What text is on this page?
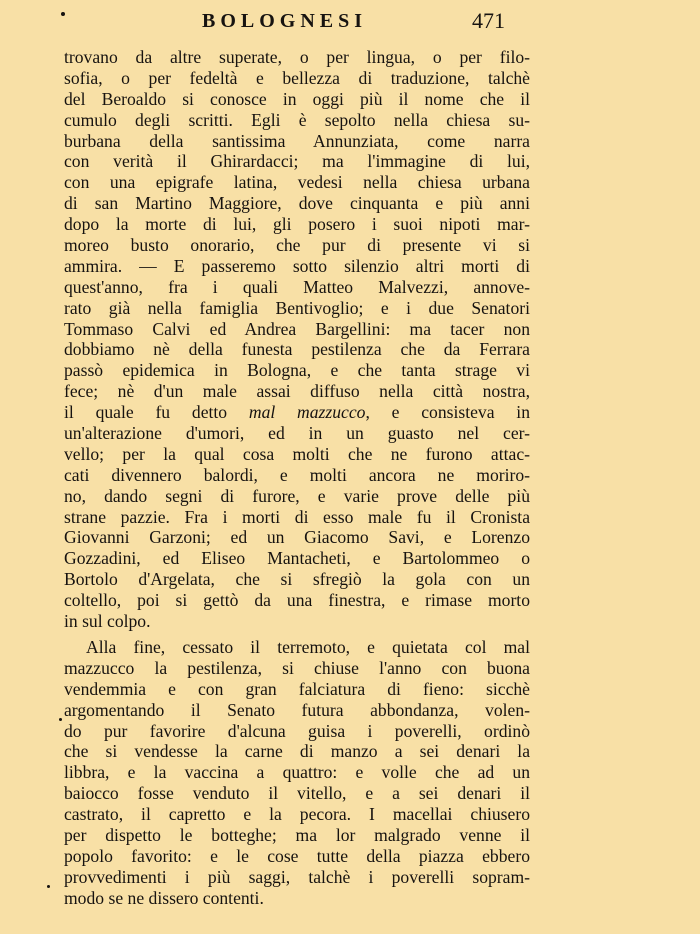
BOLOGNESI	471
trovano da altre superate, o per lingua, o per filo-
sofia, o per fedeltà e bellezza di traduzione, talchè
del Beroaldo si conosce in oggi più il nome che il
cumulo degli scritti. Egli è sepolto nella chiesa su-
burbana della santissima Annunziata, come narra
con verità il Ghirardacci; ma l'immagine di lui,
con una epigrafe latina, vedesi nella chiesa urbana
di san Martino Maggiore, dove cinquanta e più anni
dopo la morte di lui, gli posero i suoi nipoti mar-
moreo busto onorario, che pur di presente vi si
ammira. — E passeremo sotto silenzio altri morti di
quest'anno, fra i quali Matteo Malvezzi, annove-
rato già nella famiglia Bentivoglio; e i due Senatori
Tommaso Calvi ed Andrea Bargellini: ma tacer non
dobbiamo nè della funesta pestilenza che da Ferrara
passò epidemica in Bologna, e che tanta strage vi
fece; nè d'un male assai diffuso nella città nostra,
il quale fu detto mal mazzucco, e consisteva in
un'alterazione d'umori, ed in un guasto nel cer-
vello; per la qual cosa molti che ne furono attac-
cati divennero balordi, e molti ancora ne moriro-
no, dando segni di furore, e varie prove delle più
strane pazzie. Fra i morti di esso male fu il Cronista
Giovanni Garzoni; ed un Giacomo Savi, e Lorenzo
Gozzadini, ed Eliseo Mantacheti, e Bartolommeo o
Bortolo d'Argelata, che si sfregiò la gola con un
coltello, poi si gettò da una finestra, e rimase morto
in sul colpo.
Alla fine, cessato il terremoto, e quietata col mal
mazzucco la pestilenza, si chiuse l'anno con buona
vendemmia e con gran falciatura di fieno: sicchè
argomentando il Senato futura abbondanza, volen-
do pur favorire d'alcuna guisa i poverelli, ordinò
che si vendesse la carne di manzo a sei denari la
libbra, e la vaccina a quattro: e volle che ad un
baiocco fosse venduto il vitello, e a sei denari il
castrato, il capretto e la pecora. I macellai chiusero
per dispetto le botteghe; ma lor malgrado venne il
popolo favorito: e le cose tutte della piazza ebbero
provvedimenti i più saggi, talchè i poverelli sopram-
modo se ne dissero contenti.
